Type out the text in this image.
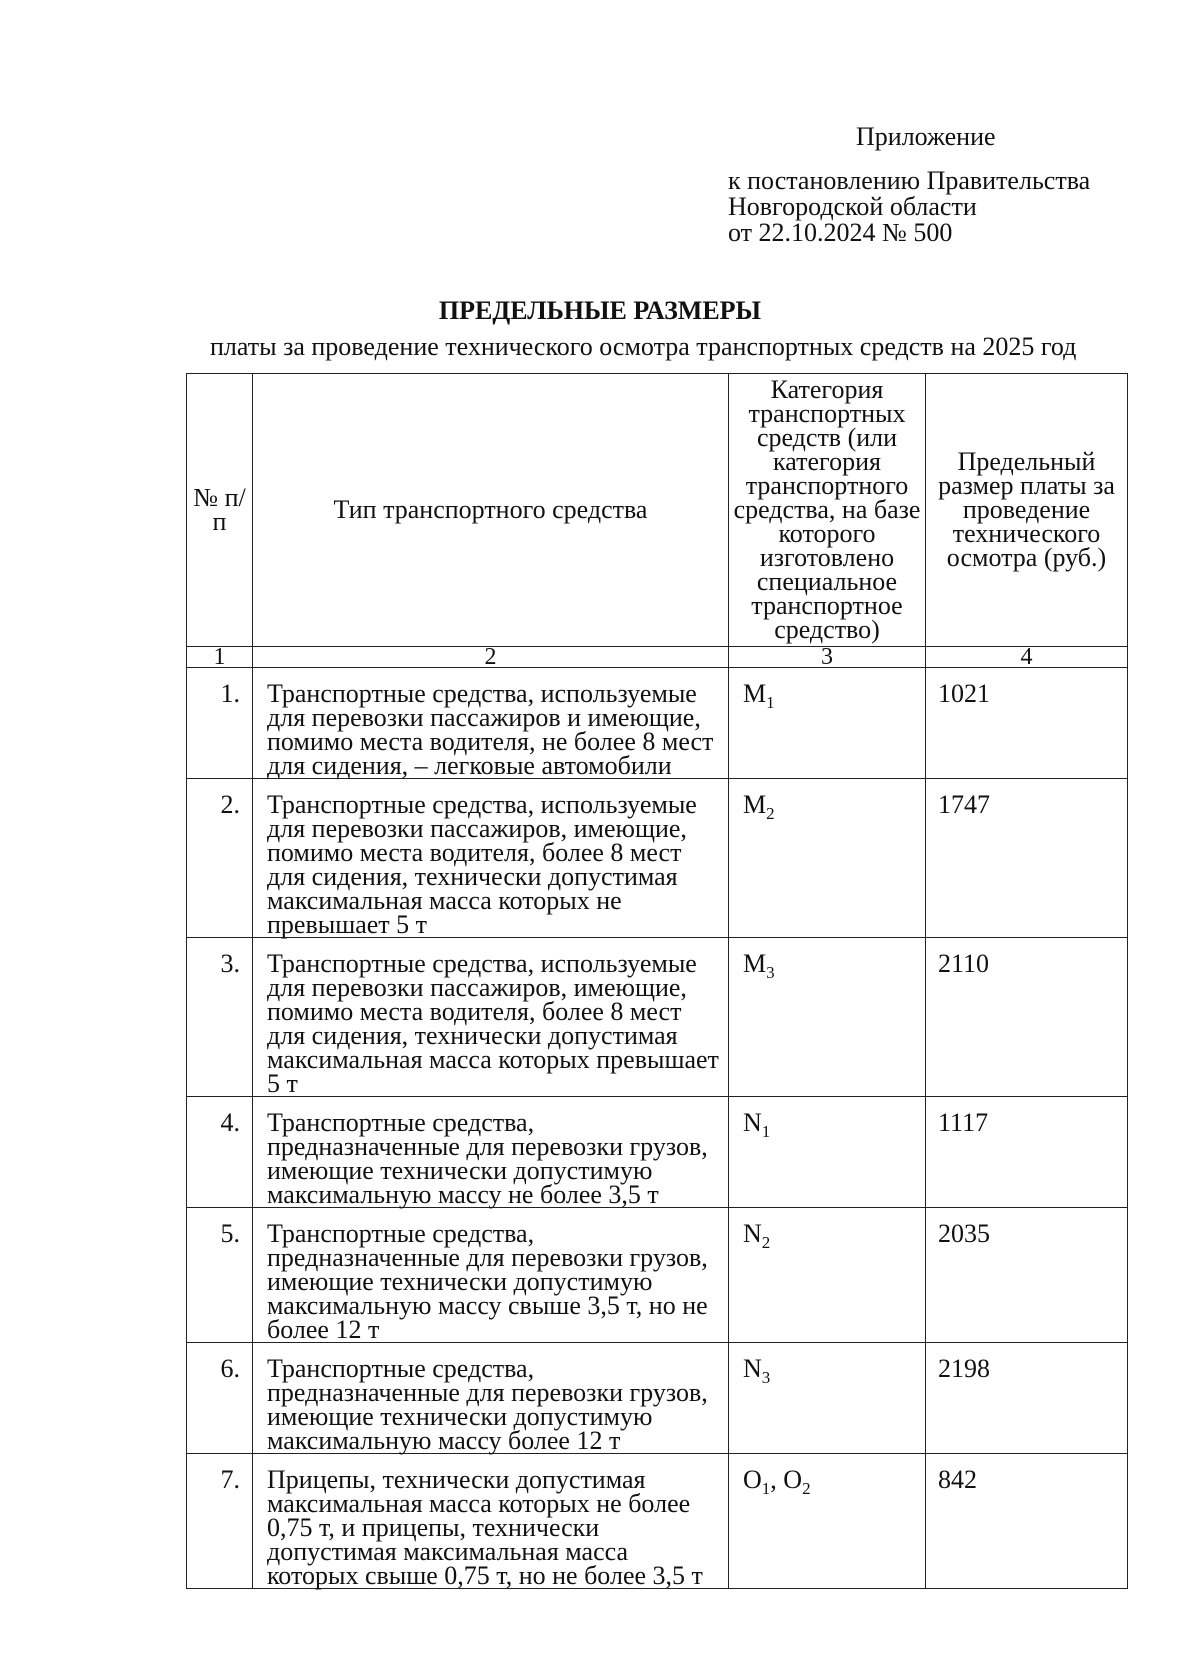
Приложение
к постановлению Правительства
Новгородской области
от 22.10.2024 № 500
ПРЕДЕЛЬНЫЕ РАЗМЕРЫ
платы за проведение технического осмотра транспортных средств на 2025 год
№ п/п	Тип транспортного средства	Категория транспортных средств (или категория транспортного средства, на базе которого изготовлено специальное транспортное средство)	Предельный размер платы за проведение технического осмотра (руб.)

1	2	3	4
1.	Транспортные средства, используемые для перевозки пассажиров и имеющие, помимо места водителя, не более 8 мест для сидения, – легковые автомобили	$M_1$	1021
2.	Транспортные средства, используемые для перевозки пассажиров, имеющие, помимо места водителя, более 8 мест для сидения, технически допустимая максимальная масса которых не превышает 5 т	$M_2$	1747
3.	Транспортные средства, используемые для перевозки пассажиров, имеющие, помимо места водителя, более 8 мест для сидения, технически допустимая максимальная масса которых превышает 5 т	$M_3$	2110
4.	Транспортные средства, предназначенные для перевозки грузов, имеющие технически допустимую максимальную массу не более 3,5 т	$N_1$	1117
5.	Транспортные средства, предназначенные для перевозки грузов, имеющие технически допустимую максимальную массу свыше 3,5 т, но не более 12 т	$N_2$	2035
6.	Транспортные средства, предназначенные для перевозки грузов, имеющие технически допустимую максимальную массу более 12 т	$N_3$	2198
7.	Прицепы, технически допустимая максимальная масса которых не более 0,75 т, и прицепы, технически допустимая максимальная масса которых свыше 0,75 т, но не более 3,5 т	$O_1$, $O_2$	842
